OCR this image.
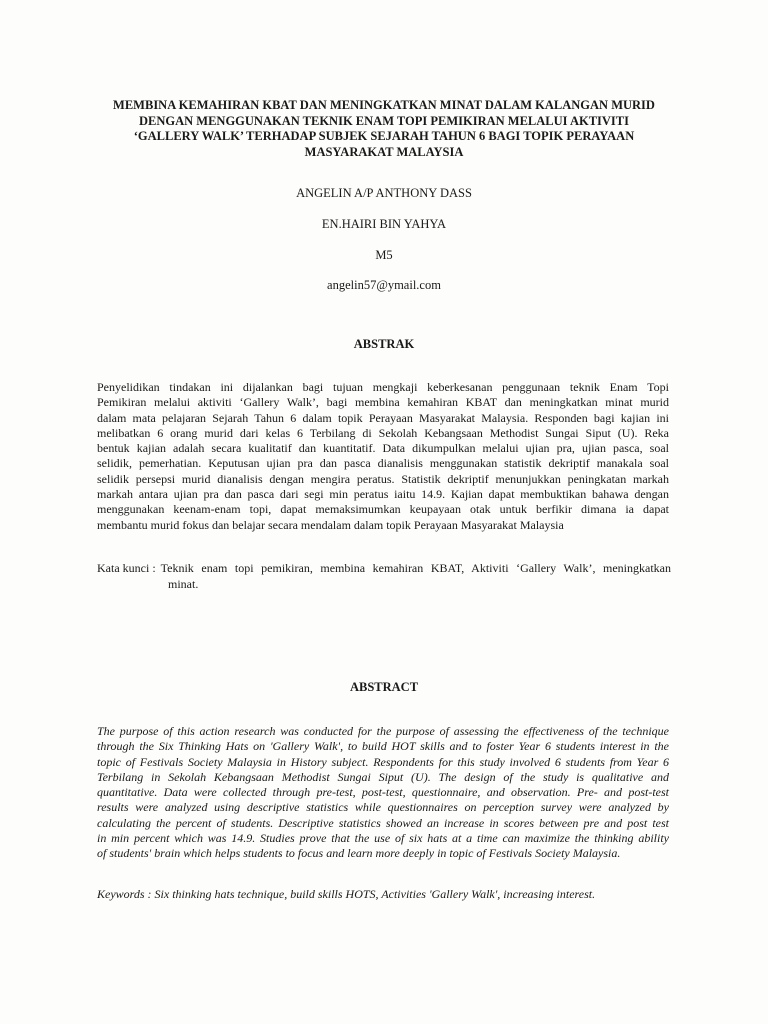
MEMBINA KEMAHIRAN KBAT DAN MENINGKATKAN MINAT DALAM KALANGAN MURID
DENGAN MENGGUNAKAN TEKNIK ENAM TOPI PEMIKIRAN MELALUI AKTIVITI
‘GALLERY WALK’ TERHADAP SUBJEK SEJARAH TAHUN 6 BAGI TOPIK PERAYAAN
MASYARAKAT MALAYSIA
ANGELIN A/P ANTHONY DASS
EN.HAIRI BIN YAHYA
M5
angelin57@ymail.com
ABSTRAK
Penyelidikan tindakan ini dijalankan bagi tujuan mengkaji keberkesanan penggunaan teknik Enam Topi
Pemikiran melalui aktiviti ‘Gallery Walk’, bagi membina kemahiran KBAT dan meningkatkan minat murid
dalam mata pelajaran Sejarah Tahun 6 dalam topik Perayaan Masyarakat Malaysia. Responden bagi kajian ini
melibatkan 6 orang murid dari kelas 6 Terbilang di Sekolah Kebangsaan Methodist Sungai Siput (U). Reka
bentuk kajian adalah secara kualitatif dan kuantitatif. Data dikumpulkan melalui ujian pra, ujian pasca, soal
selidik, pemerhatian. Keputusan ujian pra dan pasca dianalisis menggunakan statistik dekriptif manakala soal
selidik persepsi murid dianalisis dengan mengira peratus. Statistik dekriptif menunjukkan peningkatan markah
markah antara ujian pra dan pasca dari segi min peratus iaitu 14.9. Kajian dapat membuktikan bahawa dengan
menggunakan keenam-enam topi, dapat memaksimumkan keupayaan otak untuk berfikir dimana ia dapat
membantu murid fokus dan belajar secara mendalam dalam topik Perayaan Masyarakat Malaysia
Kata kunci : Teknik enam topi pemikiran, membina kemahiran KBAT, Aktiviti ‘Gallery Walk’, meningkatkan
minat.
ABSTRACT
The purpose of this action research was conducted for the purpose of assessing the effectiveness of the technique
through the Six Thinking Hats on 'Gallery Walk', to build HOT skills and to foster Year 6 students interest in the
topic of Festivals Society Malaysia in History subject. Respondents for this study involved 6 students from Year 6
Terbilang in Sekolah Kebangsaan Methodist Sungai Siput (U). The design of the study is qualitative and
quantitative. Data were collected through pre-test, post-test, questionnaire, and observation. Pre- and post-test
results were analyzed using descriptive statistics while questionnaires on perception survey were analyzed by
calculating the percent of students. Descriptive statistics showed an increase in scores between pre and post test
in min percent which was 14.9. Studies prove that the use of six hats at a time can maximize the thinking ability
of students' brain which helps students to focus and learn more deeply in topic of Festivals Society Malaysia.
Keywords : Six thinking hats technique, build skills HOTS, Activities 'Gallery Walk', increasing interest.
